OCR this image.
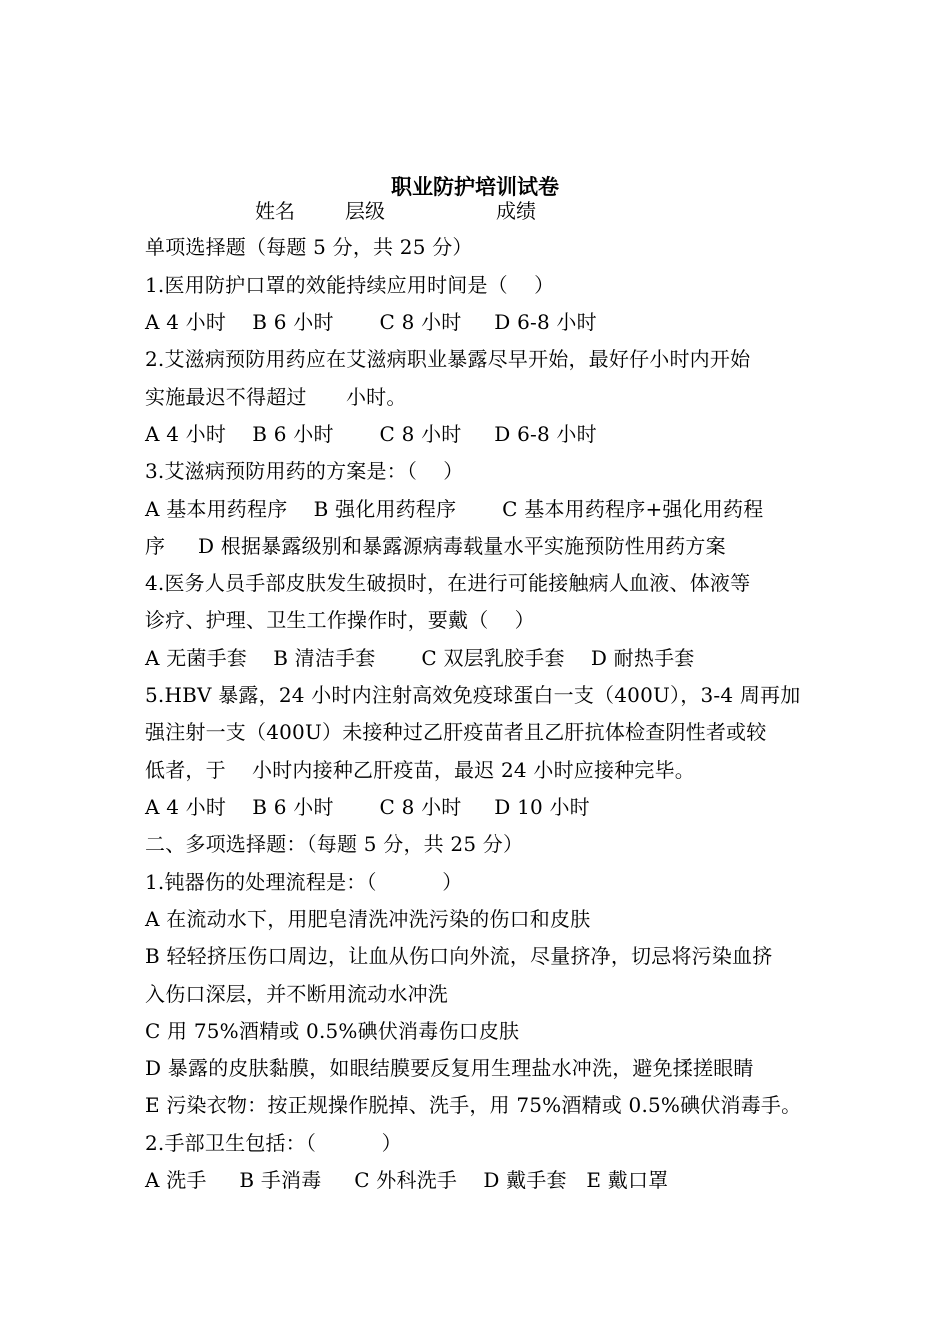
职业防护培训试卷
姓名	层级	成绩
单项选择题（每题 5 分，共 25 分）
1.医用防护口罩的效能持续应用时间是（    ）
A 4 小时    B 6 小时       C 8 小时     D 6-8 小时
2.艾滋病预防用药应在艾滋病职业暴露尽早开始，最好仔小时内开始
实施最迟不得超过      小时。
A 4 小时    B 6 小时       C 8 小时     D 6-8 小时
3.艾滋病预防用药的方案是：（    ）
A 基本用药程序    B 强化用药程序       C 基本用药程序+强化用药程
序     D 根据暴露级别和暴露源病毒载量水平实施预防性用药方案
4.医务人员手部皮肤发生破损时，在进行可能接触病人血液、体液等
诊疗、护理、卫生工作操作时，要戴（    ）
A 无菌手套    B 清洁手套       C 双层乳胶手套    D 耐热手套
5.HBV 暴露，24 小时内注射高效免疫球蛋白一支（400U），3-4 周再加
强注射一支（400U）未接种过乙肝疫苗者且乙肝抗体检查阴性者或较
低者，于    小时内接种乙肝疫苗，最迟 24 小时应接种完毕。
A 4 小时    B 6 小时       C 8 小时     D 10 小时
二、多项选择题：（每题 5 分，共 25 分）
1.钝器伤的处理流程是：（          ）
A 在流动水下，用肥皂清洗冲洗污染的伤口和皮肤
B 轻轻挤压伤口周边，让血从伤口向外流，尽量挤净，切忌将污染血挤
入伤口深层，并不断用流动水冲洗
C 用 75%酒精或 0.5%碘伏消毒伤口皮肤
D 暴露的皮肤黏膜，如眼结膜要反复用生理盐水冲洗，避免揉搓眼睛
E 污染衣物：按正规操作脱掉、洗手，用 75%酒精或 0.5%碘伏消毒手。
2.手部卫生包括：（          ）
A 洗手     B 手消毒     C 外科洗手    D 戴手套   E 戴口罩
